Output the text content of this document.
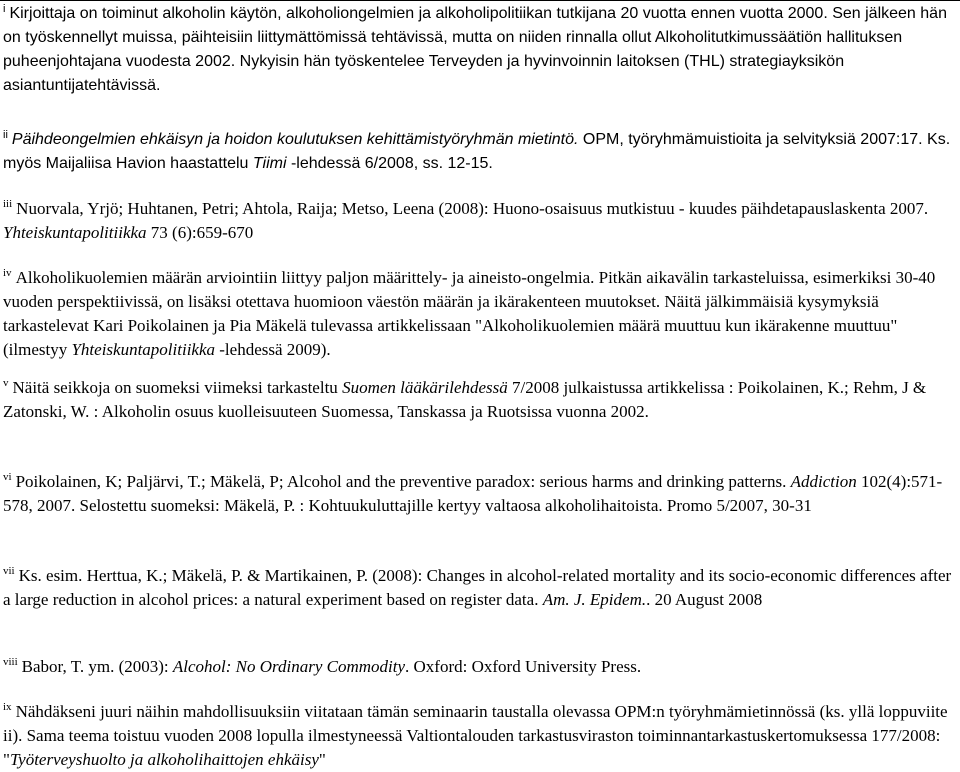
$^i$ Kirjoittaja on toiminut alkoholin käytön, alkoholiongelmien ja alkoholipolitiikan tutkijana 20 vuotta ennen vuotta 2000. Sen jälkeen hän on työskennellyt muissa, päihteisiin liittymättömissä tehtävissä, mutta on niiden rinnalla ollut Alkoholitutkimussäätiön hallituksen puheenjohtajana vuodesta 2002. Nykyisin hän työskentelee Terveyden ja hyvinvoinnin laitoksen (THL) strategiayksikön asiantuntijatehtävissä.
$^{ii}$ Päihdeongelmien ehkäisyn ja hoidon koulutuksen kehittämistyöryhmän mietintö. OPM, työryhmämuistioita ja selvityksiä 2007:17. Ks. myös Maijaliisa Havion haastattelu Tiimi -lehdessä 6/2008, ss. 12-15.
$^{iii}$ Nuorvala, Yrjö; Huhtanen, Petri; Ahtola, Raija; Metso, Leena (2008): Huono-osaisuus mutkistuu - kuudes päihdetapauslaskenta 2007. Yhteiskuntapolitiikka 73 (6):659-670
$^{iv}$ Alkoholikuolemien määrän arviointiin liittyy paljon määrittely- ja aineisto-ongelmia. Pitkän aikavälin tarkasteluissa, esimerkiksi 30-40 vuoden perspektiivissä, on lisäksi otettava huomioon väestön määrän ja ikärakenteen muutokset. Näitä jälkimmäisiä kysymyksiä tarkastelevat Kari Poikolainen ja Pia Mäkelä tulevassa artikkelissaan "Alkoholikuolemien määrä muuttuu kun ikärakenne muuttuu" (ilmestyy Yhteiskuntapolitiikka -lehdessä 2009).
$^v$ Näitä seikkoja on suomeksi viimeksi tarkasteltu Suomen lääkärilehdessä 7/2008 julkaistussa artikkelissa : Poikolainen, K.; Rehm, J & Zatonski, W. : Alkoholin osuus kuolleisuuteen Suomessa, Tanskassa ja Ruotsissa vuonna 2002.
$^{vi}$ Poikolainen, K; Paljärvi, T.; Mäkelä, P; Alcohol and the preventive paradox: serious harms and drinking patterns. Addiction 102(4):571-578, 2007. Selostettu suomeksi: Mäkelä, P. : Kohtuukuluttajille kertyy valtaosa alkoholihaitoista. Promo 5/2007, 30-31
$^{vii}$ Ks. esim. Herttua, K.; Mäkelä, P. & Martikainen, P. (2008): Changes in alcohol-related mortality and its socio-economic differences after a large reduction in alcohol prices: a natural experiment based on register data. Am. J. Epidem.. 20 August 2008
$^{viii}$ Babor, T. ym. (2003): Alcohol: No Ordinary Commodity. Oxford: Oxford University Press.
$^{ix}$ Nähdäkseni juuri näihin mahdollisuuksiin viitataan tämän seminaarin taustalla olevassa OPM:n työryhmämietinnössä (ks. yllä loppuviite ii). Sama teema toistuu vuoden 2008 lopulla ilmestyneessä Valtiontalouden tarkastusviraston toiminnantarkastuskertomuksessa 177/2008: "Työterveyshuolto ja alkoholihaittojen ehkäisy"
